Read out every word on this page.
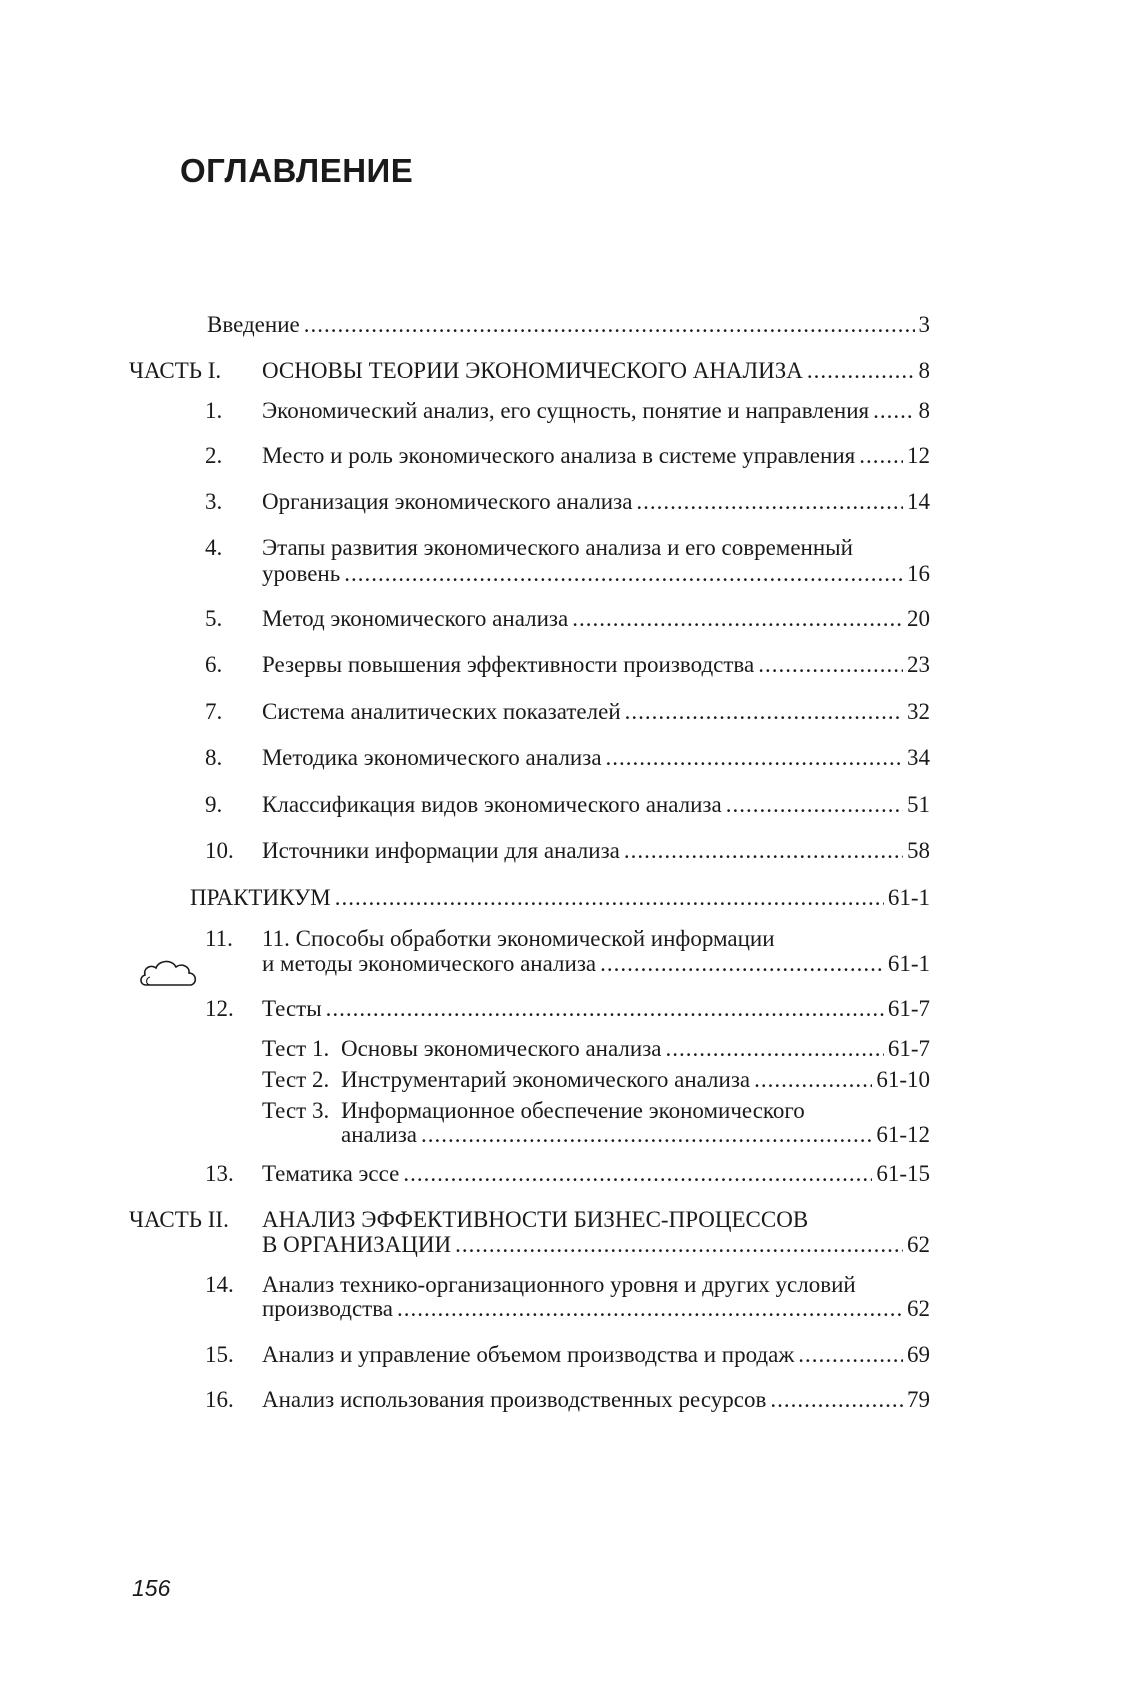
ОГЛАВЛЕНИЕ
Введение .....	3
ЧАСТЬ I. ОСНОВЫ ТЕОРИИ ЭКОНОМИЧЕСКОГО АНАЛИЗА .....	8
1. Экономический анализ, его сущность, понятие и направления ..... 8
2. Место и роль экономического анализа в системе управления ..... 12
3. Организация экономического анализа .....	14
4. Этапы развития экономического анализа и его современный
уровень .....	16
5. Метод экономического анализа .....	20
6. Резервы повышения эффективности производства .....	23
7. Система аналитических показателей .....	32
8. Методика экономического анализа .....	34
9. Классификация видов экономического анализа .....	51
10. Источники информации для анализа .....	58
ПРАКТИКУМ .....	61-1
11. 11. Способы обработки экономической информации
и методы экономического анализа .....	61-1
12. Тесты .....	61-7
Тест 1. Основы экономического анализа .....	61-7
Тест 2. Инструментарий экономического анализа .....	61-10
Тест 3. Информационное обеспечение экономического
анализа .....	61-12
13. Тематика эссе .....	61-15
ЧАСТЬ II. АНАЛИЗ ЭФФЕКТИВНОСТИ БИЗНЕС-ПРОЦЕССОВ
В ОРГАНИЗАЦИИ .....	62
14. Анализ технико-организационного уровня и других условий
производства .....	62
15. Анализ и управление объемом производства и продаж .....	69
16. Анализ использования производственных ресурсов .....	79
156
